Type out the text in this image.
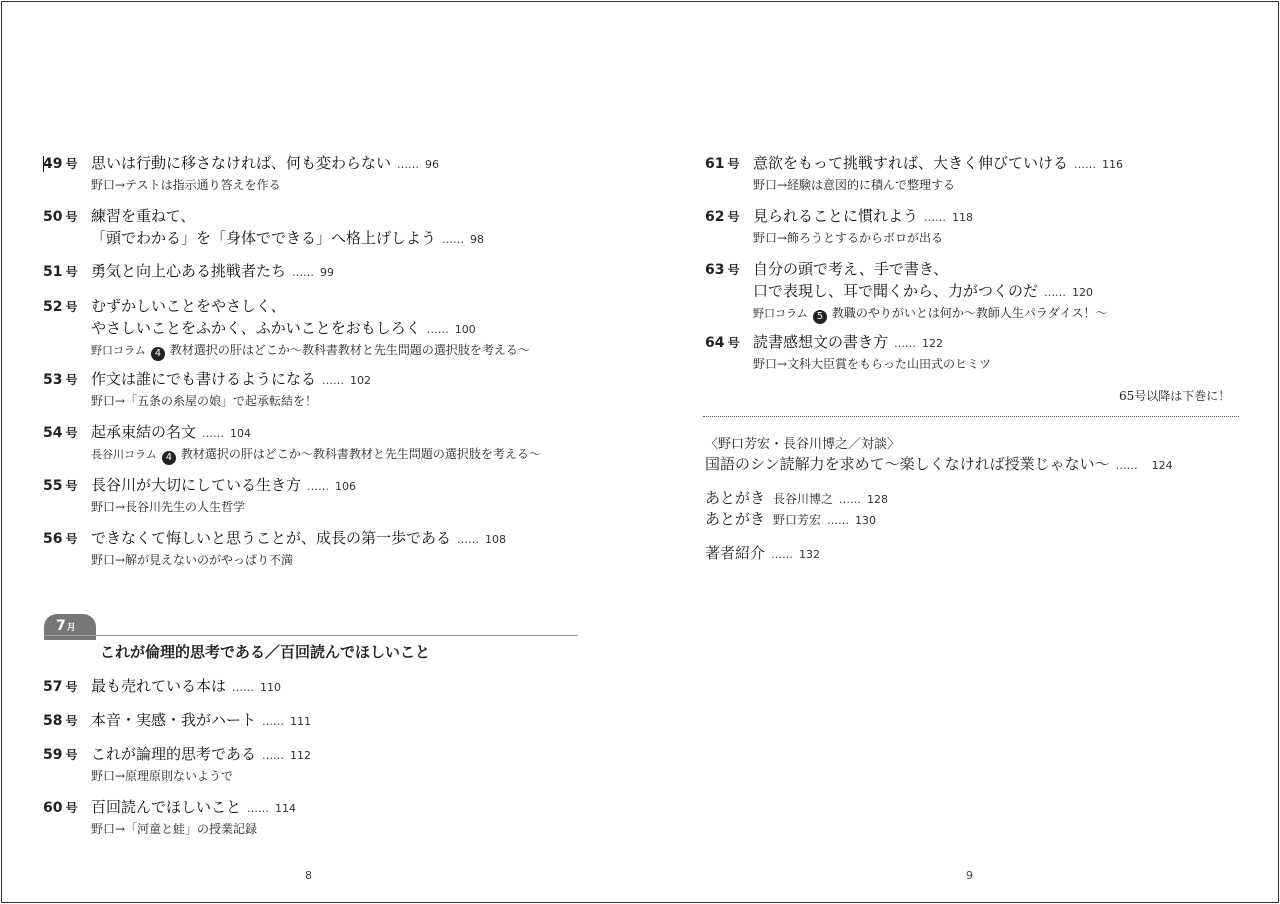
49 号 思いは行動に移さなければ、何も変わらない …… 96
野口→テストは指示通り答えを作る
50 号 練習を重ねて、
「頭でわかる」を「身体でできる」へ格上げしよう …… 98
51 号 勇気と向上心ある挑戦者たち …… 99
52 号 むずかしいことをやさしく、
やさしいことをふかく、ふかいことをおもしろく …… 100
野口コラム 4 教材選択の肝はどこか〜教科書教材と先生問題の選択肢を考える〜
53 号 作文は誰にでも書けるようになる …… 102
野口→「五条の糸屋の娘」で起承転結を！
54 号 起承束結の名文 …… 104
長谷川コラム 4 教材選択の肝はどこか〜教科書教材と先生問題の選択肢を考える〜
55 号 長谷川が大切にしている生き方 …… 106
野口→長谷川先生の人生哲学
56 号 できなくて悔しいと思うことが、成長の第一歩である …… 108
野口→解が見えないのがやっぱり不満
7月
これが倫理的思考である／百回読んでほしいこと
57 号 最も売れている本は …… 110
58 号 本音・実感・我がハート …… 111
59 号 これが論理的思考である …… 112
野口→原理原則ないようで
60 号 百回読んでほしいこと …… 114
野口→「河童と蛙」の授業記録
8
61 号 意欲をもって挑戦すれば、大きく伸びていける …… 116
野口→経験は意図的に積んで整理する
62 号 見られることに慣れよう …… 118
野口→飾ろうとするからボロが出る
63 号 自分の頭で考え、手で書き、
口で表現し、耳で聞くから、力がつくのだ …… 120
野口コラム 5 教職のやりがいとは何か〜教師人生パラダイス！〜
64 号 読書感想文の書き方 …… 122
野口→文科大臣賞をもらった山田式のヒミツ
65号以降は下巻に！
〈野口芳宏・長谷川博之／対談〉
国語のシン読解力を求めて〜楽しくなければ授業じゃない〜 …… 124
あとがき 長谷川博之 …… 128
あとがき 野口芳宏 …… 130
著者紹介 …… 132
9
